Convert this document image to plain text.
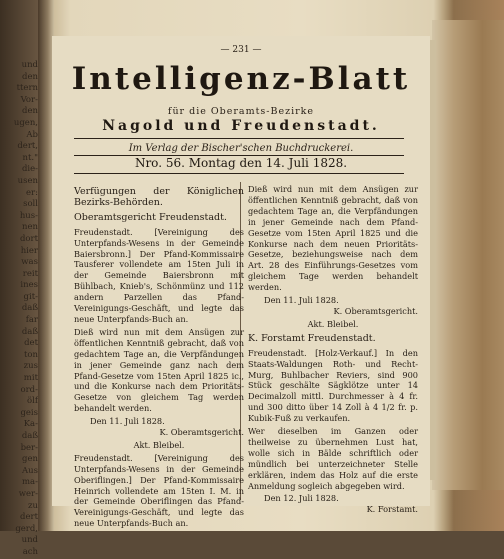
und
den
ttern
Vor-
den
ugen,
Ab
dert,
nt."
die-
usen
er:
soll
hus-
nen
dort
hier
was
reit
ines
git-
daß
far
daß
det
ton
zus
mit
ord-
ölf
geis
Ka-
daß
ber-
gen
Aus
ma-
wer-
zu
dert
gerd,
und
ach
— 231 —
Intelligenz-Blatt
für die Oberamts-Bezirke
Nagold und Freudenstadt.
Im Verlag der Bischer'schen Buchdruckerei.
Nro. 56. Montag den 14. Juli 1828.

Verfügungen der Königlichen Bezirks-Behörden.

Oberamtsgericht Freudenstadt.

Freudenstadt. [Vereinigung des Unterpfands-Wesens in der Gemeinde Baiersbronn.] Der Pfand-Kommissaire Tausferer vollendete am 15ten Juli in der Gemeinde Baiersbronn mit Bühlbach, Knieb's, Schönmünz und 112 andern Parzellen das Pfand-Vereinigungs-Geschäft, und legte das neue Unterpfands-Buch an.

Dieß wird nun mit dem Ansügen zur öffentlichen Kenntniß gebracht, daß von gedachtem Tage an, die Verpfändungen in jener Gemeinde ganz nach dem Pfand-Gesetze vom 15ten April 1825 ic., und die Konkurse nach dem Prioritäts-Gesetze von gleichem Tag werden behandelt werden.

Den 11. Juli 1828.

K. Oberamtsgericht.

Akt. Bleibel.

Freudenstadt. [Vereinigung des Unterpfands-Wesens in der Gemeinde Oberiflingen.] Der Pfand-Kommissaire Heinrich vollendete am 15ten I. M. in der Gemeinde Oberiflingen das Pfand-Vereinigungs-Geschäft, und legte das neue Unterpfands-Buch an.

Dieß wird nun mit dem Ansügen zur öffentlichen Kenntniß gebracht, daß von gedachtem Tage an, die Verpfändungen in jener Gemeinde nach dem Pfand-Gesetze vom 15ten April 1825 und die Konkurse nach dem neuen Prioritäts-Gesetze, beziehungsweise nach dem Art. 28 des Einführungs-Gesetzes vom gleichem Tage werden behandelt werden.

Den 11. Juli 1828.

K. Oberamtsgericht.

Akt. Bleibel.

K. Forstamt Freudenstadt.

Freudenstadt. [Holz-Verkauf.] In den Staats-Waldungen Roth- und Recht-Murg, Buhlbacher Reviers, sind 900 Stück geschälte Sägklötze unter 14 Decimalzoll mittl. Durchmesser à 4 fr. und 300 ditto über 14 Zoll à 4 1/2 fr. p. Kubik-Fuß zu verkaufen.

Wer dieselben im Ganzen oder theilweise zu übernehmen Lust hat, wolle sich in Bälde schriftlich oder mündlich bei unterzeichneter Stelle erklären, indem das Holz auf die erste Anmeldung sogleich abgegeben wird.

Den 12. Juli 1828.

K. Forstamt.
